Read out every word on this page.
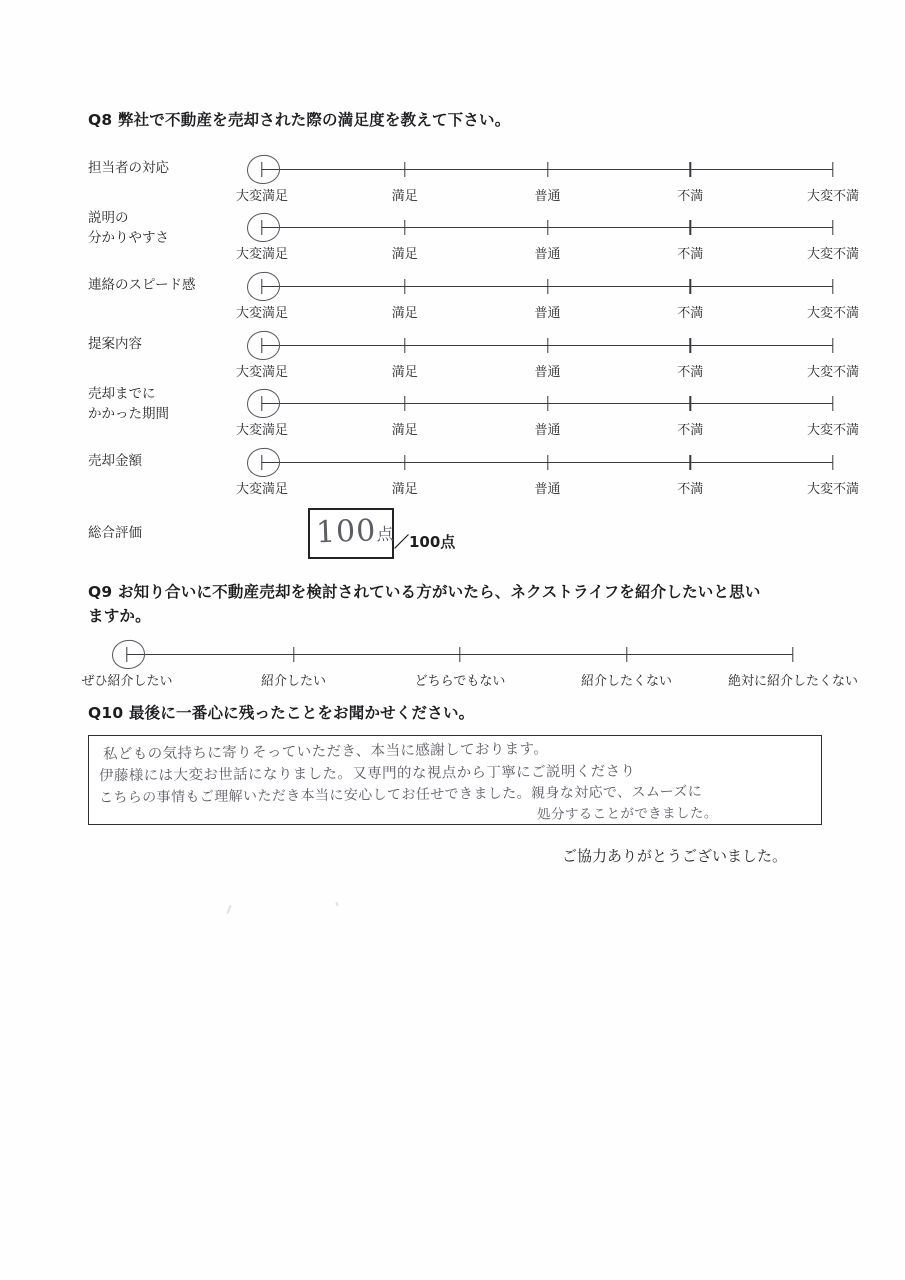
Q8 弊社で不動産を売却された際の満足度を教えて下さい。
担当者の対応
大変満足	満足	普通	不満	大変不満
説明の
分かりやすさ
大変満足	満足	普通	不満	大変不満
連絡のスピード感
大変満足	満足	普通	不満	大変不満
提案内容
大変満足	満足	普通	不満	大変不満
売却までに
かかった期間
大変満足	満足	普通	不満	大変不満
売却金額
大変満足	満足	普通	不満	大変不満
総合評価	100点 ／100点
Q9 お知り合いに不動産売却を検討されている方がいたら、ネクストライフを紹介したいと思い
ますか。
ぜひ紹介したい	紹介したい	どちらでもない	紹介したくない	絶対に紹介したくない
Q10 最後に一番心に残ったことをお聞かせください。
私どもの気持ちに寄りそっていただき、本当に感謝しております。
伊藤様には大変お世話になりました。又専門的な視点から丁寧にご説明くださり
こちらの事情もご理解いただき本当に安心してお任せできました。親身な対応で、スムーズに
処分することができました。
ご協力ありがとうございました。
